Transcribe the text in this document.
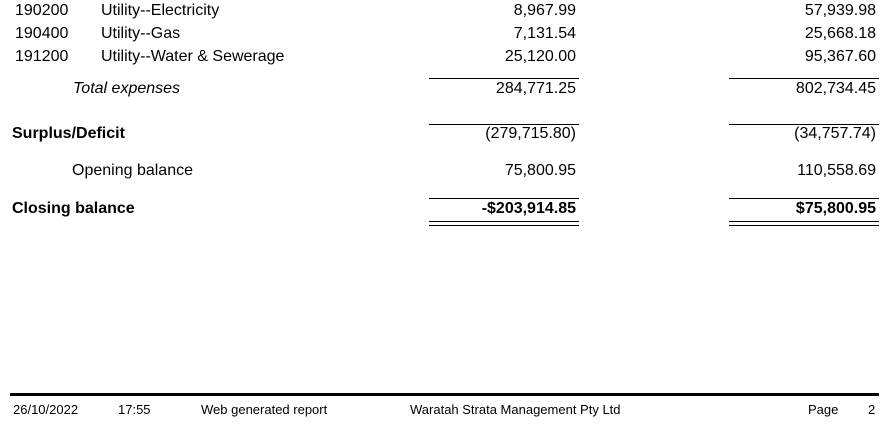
190200 Utility--Electricity	8,967.99	57,939.98
190400 Utility--Gas	7,131.54	25,668.18
191200 Utility--Water & Sewerage	25,120.00	95,367.60
Total expenses	284,771.25	802,734.45
Surplus/Deficit	(279,715.80)	(34,757.74)
Opening balance	75,800.95	110,558.69
Closing balance	-$203,914.85	$75,800.95
26/10/2022	17:55	Web generated report	Waratah Strata Management Pty Ltd	Page 2
